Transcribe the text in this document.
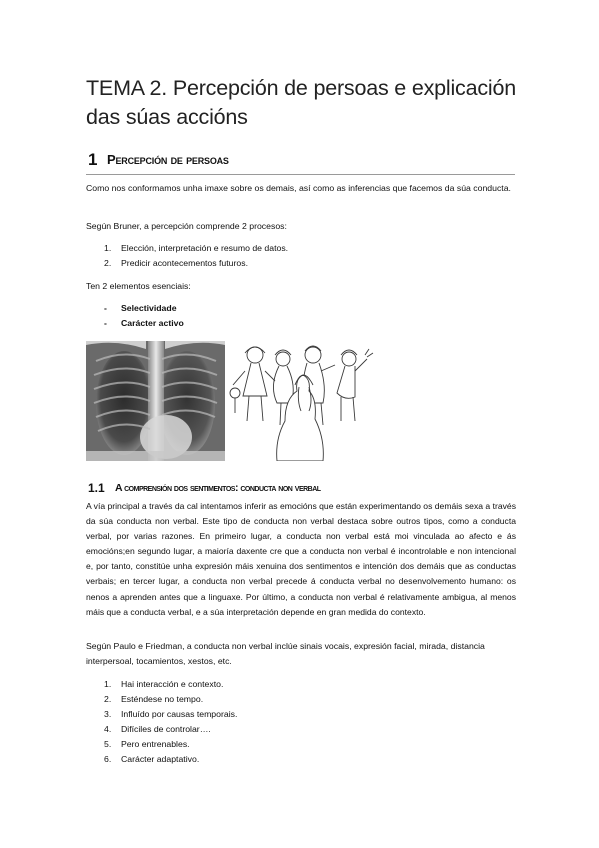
TEMA 2. Percepción de persoas e explicación das súas accións
1 Percepción de persoas
Como nos conformamos unha imaxe sobre os demais, así como as inferencias que facemos da súa conducta.
Según Bruner, a percepción comprende 2 procesos:
1. Elección, interpretación e resumo de datos.
2. Predicir acontecementos futuros.
Ten 2 elementos esenciais:
- Selectividade
- Carácter activo
1.1 A comprensión dos sentimentos: conducta non verbal
A vía principal a través da cal intentamos inferir as emocións que están experimentando os demáis sexa a través da súa conducta non verbal. Este tipo de conducta non verbal destaca sobre outros tipos, como a conducta verbal, por varias razones. En primeiro lugar, a conducta non verbal está moi vinculada ao afecto e ás emocións;en segundo lugar, a maioría daxente cre que a conducta non verbal é incontrolable e non intencional e, por tanto, constitúe unha expresión máis xenuina dos sentimentos e intención dos demáis que as conductas verbais; en tercer lugar, a conducta non verbal precede á conducta verbal no desenvolvemento humano: os nenos a aprenden antes que a linguaxe. Por último, a conducta non verbal é relativamente ambigua, al menos máis que a conducta verbal, e a súa interpretación depende en gran medida do contexto.
Según Paulo e Friedman, a conducta non verbal inclúe sinais vocais, expresión facial, mirada, distancia interpersoal, tocamientos, xestos, etc.
1. Hai interacción e contexto.
2. Esténdese no tempo.
3. Influído por causas temporais.
4. Difíciles de controlar….
5. Pero entrenables.
6. Carácter adaptativo.
